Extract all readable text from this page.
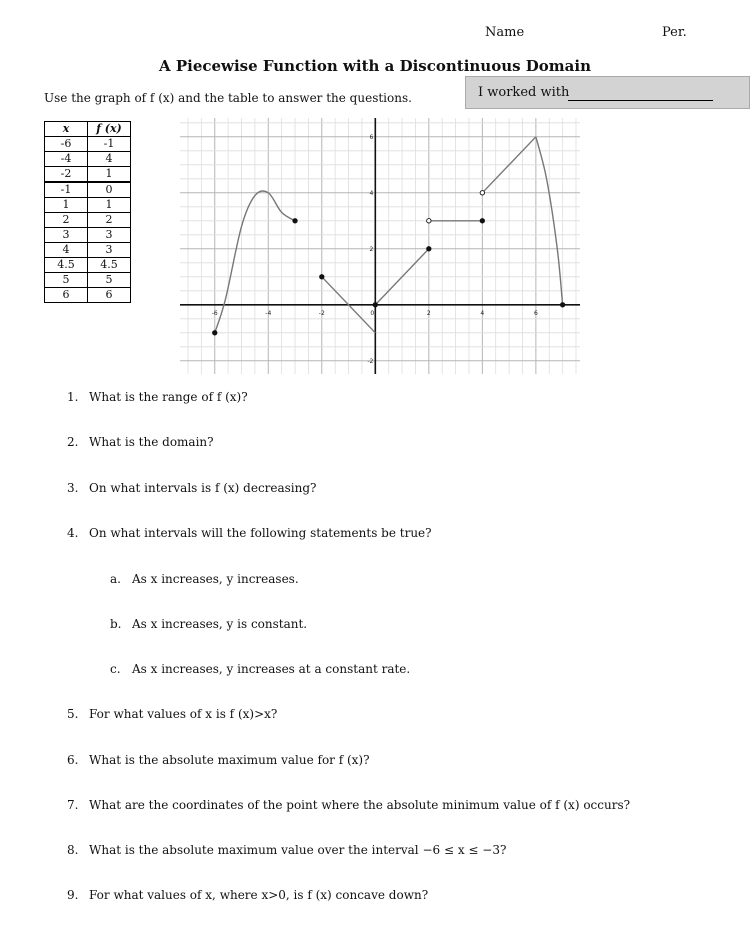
Name	Per.
A Piecewise Function with a Discontinuous Domain
Use the graph of f (x) and the table to answer the questions.	I worked with
x	f (x)
-6	-1
-4	4
-2	1
-1	0
1	1
2	2
3	3
4	3
4.5	4.5
5	5
6	6
-6	-4	-2	0	2	4	6
6
4
2
-2
1. What is the range of f (x)?
2. What is the domain?
3. On what intervals is f (x) decreasing?
4. On what intervals will the following statements be true?
a. As x increases, y increases.
b. As x increases, y is constant.
c. As x increases, y increases at a constant rate.
5. For what values of x is f (x)>x?
6. What is the absolute maximum value for f (x)?
7. What are the coordinates of the point where the absolute minimum value of f (x) occurs?
8. What is the absolute maximum value over the interval −6 ≤ x ≤ −3?
9. For what values of x, where x>0, is f (x) concave down?
